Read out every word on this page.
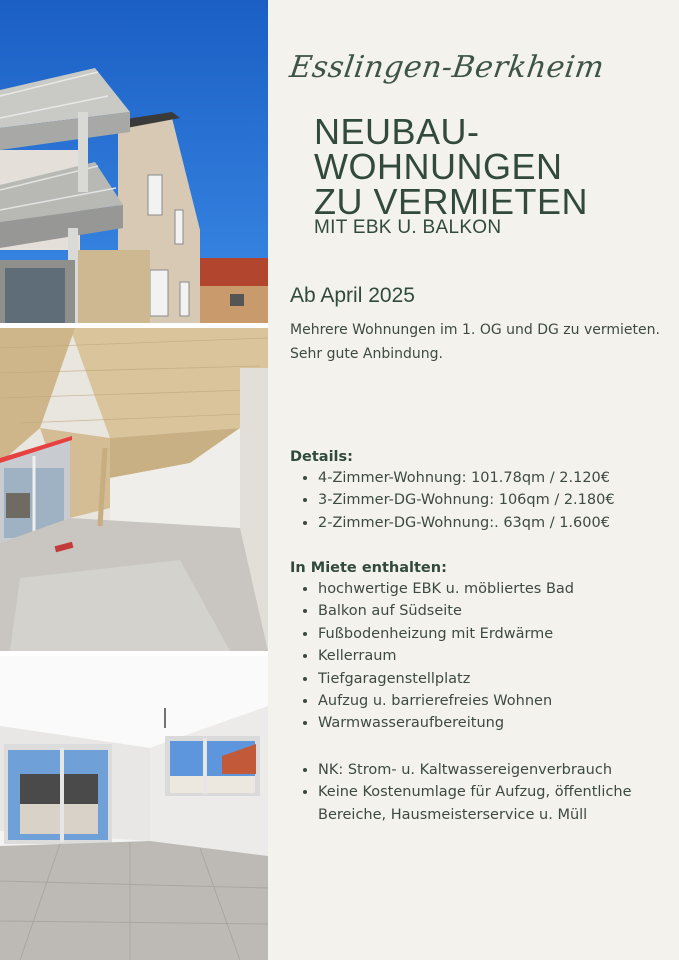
Esslingen-Berkheim
NEUBAU-
WOHNUNGEN
ZU VERMIETEN
MIT EBK U. BALKON
Ab April 2025
Mehrere Wohnungen im 1. OG und DG zu vermieten. Sehr gute Anbindung.
Details:
• 4-Zimmer-Wohnung: 101.78qm / 2.120€
• 3-Zimmer-DG-Wohnung: 106qm / 2.180€
• 2-Zimmer-DG-Wohnung:. 63qm / 1.600€
In Miete enthalten:
• hochwertige EBK u. möbliertes Bad
• Balkon auf Südseite
• Fußbodenheizung mit Erdwärme
• Kellerraum
• Tiefgaragenstellplatz
• Aufzug u. barrierefreies Wohnen
• Warmwasseraufbereitung
• NK: Strom- u. Kaltwassereigenverbrauch
• Keine Kostenumlage für Aufzug, öffentliche Bereiche, Hausmeisterservice u. Müll
